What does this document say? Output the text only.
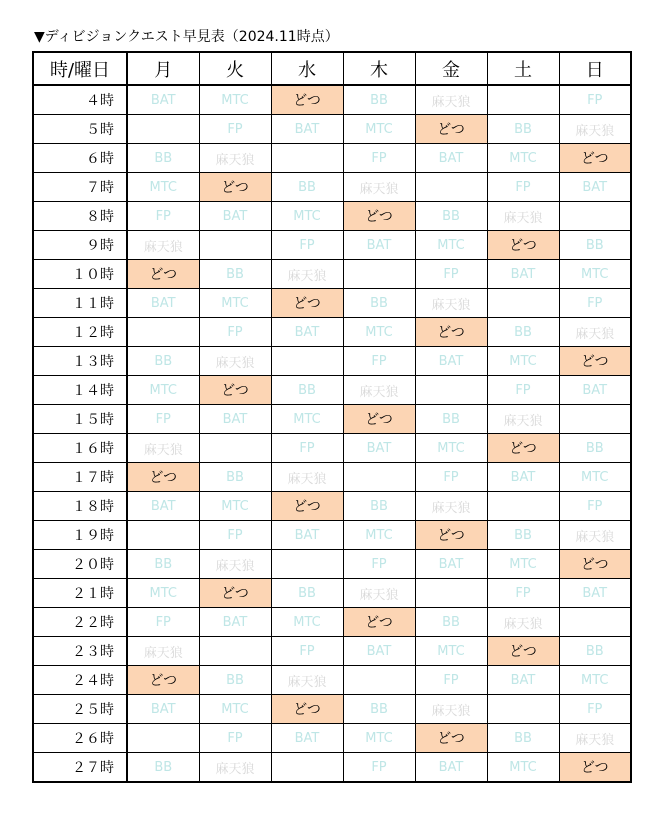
▼ディビジョンクエスト早見表（2024.11時点）
時/曜日	月	火	水	木	金	土	日
４時	BAT	MTC	どつ	BB	麻天狼		FP
５時		FP	BAT	MTC	どつ	BB	麻天狼
６時	BB	麻天狼		FP	BAT	MTC	どつ
７時	MTC	どつ	BB	麻天狼		FP	BAT
８時	FP	BAT	MTC	どつ	BB	麻天狼	
９時	麻天狼		FP	BAT	MTC	どつ	BB
１０時	どつ	BB	麻天狼		FP	BAT	MTC
１１時	BAT	MTC	どつ	BB	麻天狼		FP
１２時		FP	BAT	MTC	どつ	BB	麻天狼
１３時	BB	麻天狼		FP	BAT	MTC	どつ
１４時	MTC	どつ	BB	麻天狼		FP	BAT
１５時	FP	BAT	MTC	どつ	BB	麻天狼	
１６時	麻天狼		FP	BAT	MTC	どつ	BB
１７時	どつ	BB	麻天狼		FP	BAT	MTC
１８時	BAT	MTC	どつ	BB	麻天狼		FP
１９時		FP	BAT	MTC	どつ	BB	麻天狼
２０時	BB	麻天狼		FP	BAT	MTC	どつ
２１時	MTC	どつ	BB	麻天狼		FP	BAT
２２時	FP	BAT	MTC	どつ	BB	麻天狼	
２３時	麻天狼		FP	BAT	MTC	どつ	BB
２４時	どつ	BB	麻天狼		FP	BAT	MTC
２５時	BAT	MTC	どつ	BB	麻天狼		FP
２６時		FP	BAT	MTC	どつ	BB	麻天狼
２７時	BB	麻天狼		FP	BAT	MTC	どつ
